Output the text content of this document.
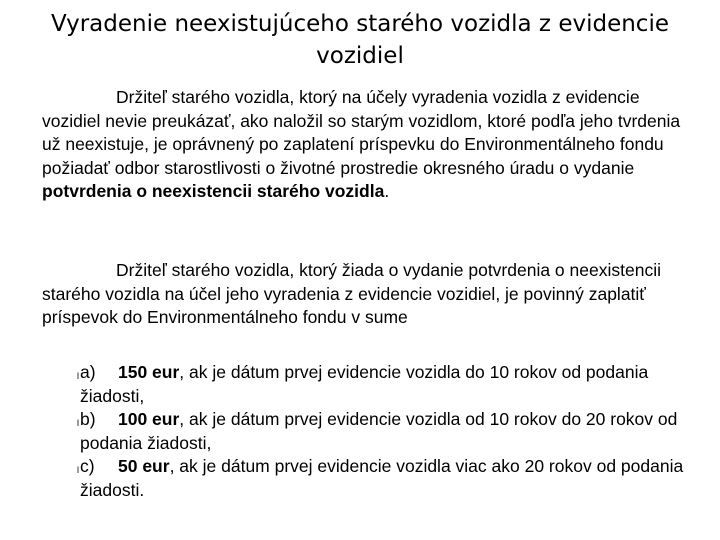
Vyradenie neexistujúceho starého vozidla z evidencie vozidiel

Držiteľ starého vozidla, ktorý na účely vyradenia vozidla z evidencie vozidiel nevie preukázať, ako naložil so starým vozidlom, ktoré podľa jeho tvrdenia už neexistuje, je oprávnený po zaplatení príspevku do Environmentálneho fondu požiadať odbor starostlivosti o životné prostredie okresného úradu o vydanie potvrdenia o neexistencii starého vozidla.

Držiteľ starého vozidla, ktorý žiada o vydanie potvrdenia o neexistencii starého vozidla na účel jeho vyradenia z evidencie vozidiel, je povinný zaplatiť príspevok do Environmentálneho fondu v sume

l a) 150 eur, ak je dátum prvej evidencie vozidla do 10 rokov od podania žiadosti,
l b) 100 eur, ak je dátum prvej evidencie vozidla od 10 rokov do 20 rokov od podania žiadosti,
l c) 50 eur, ak je dátum prvej evidencie vozidla viac ako 20 rokov od podania žiadosti.
